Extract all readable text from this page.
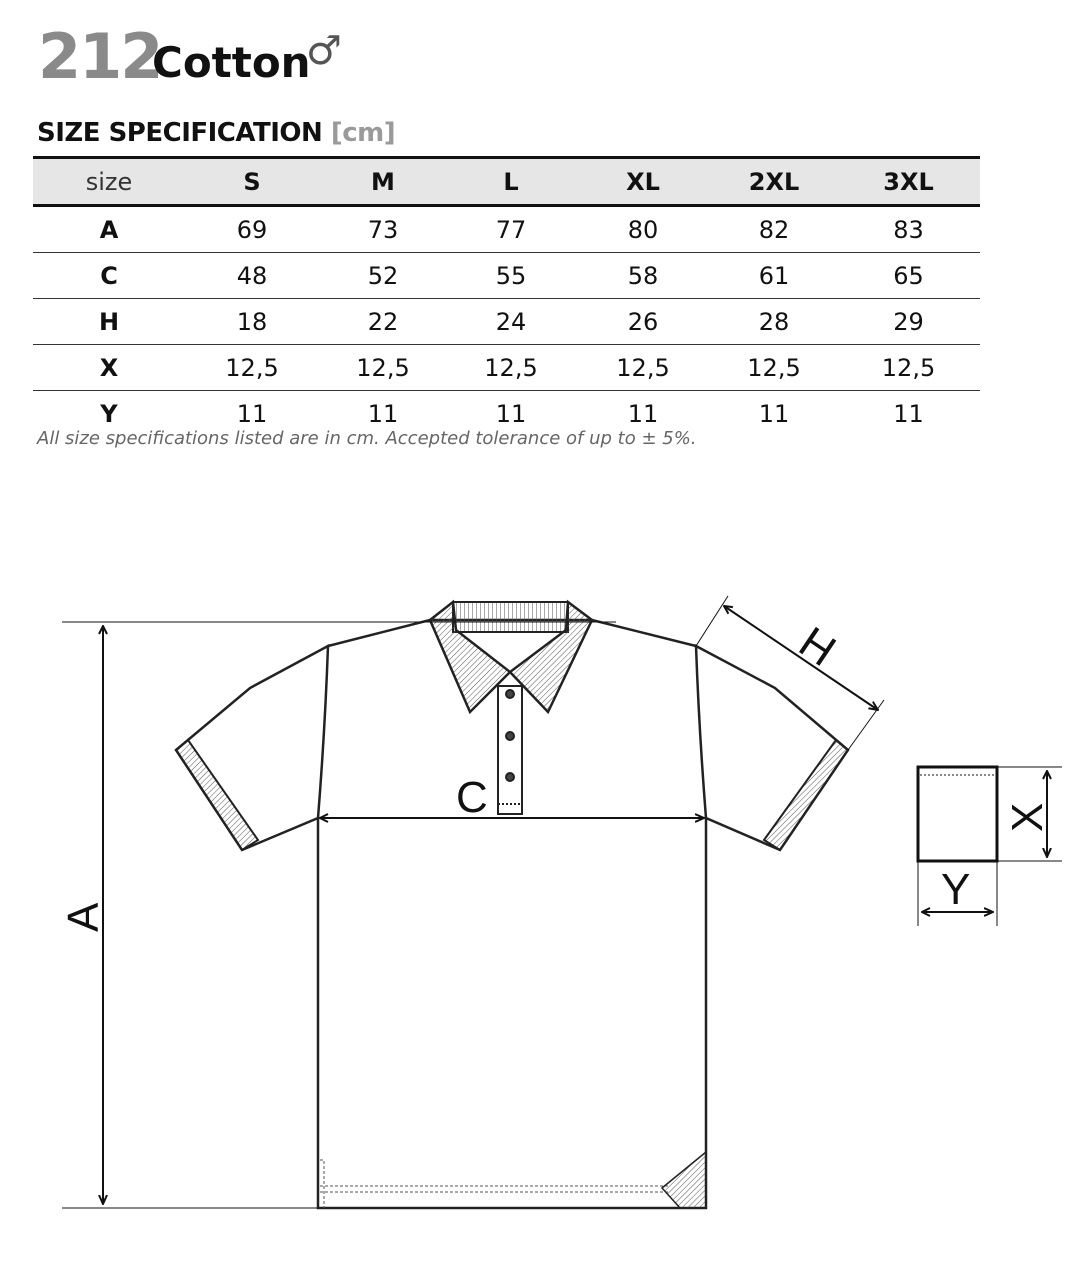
212
Cotton
♂
SIZE SPECIFICATION [cm]
size	S	M	L	XL	2XL	3XL
A	69	73	77	80	82	83
C	48	52	55	58	61	65
H	18	22	24	26	28	29
X	12,5	12,5	12,5	12,5	12,5	12,5
Y	11	11	11	11	11	11
All size specifications listed are in cm. Accepted tolerance of up to ± 5%.
A
C
H
X
Y
